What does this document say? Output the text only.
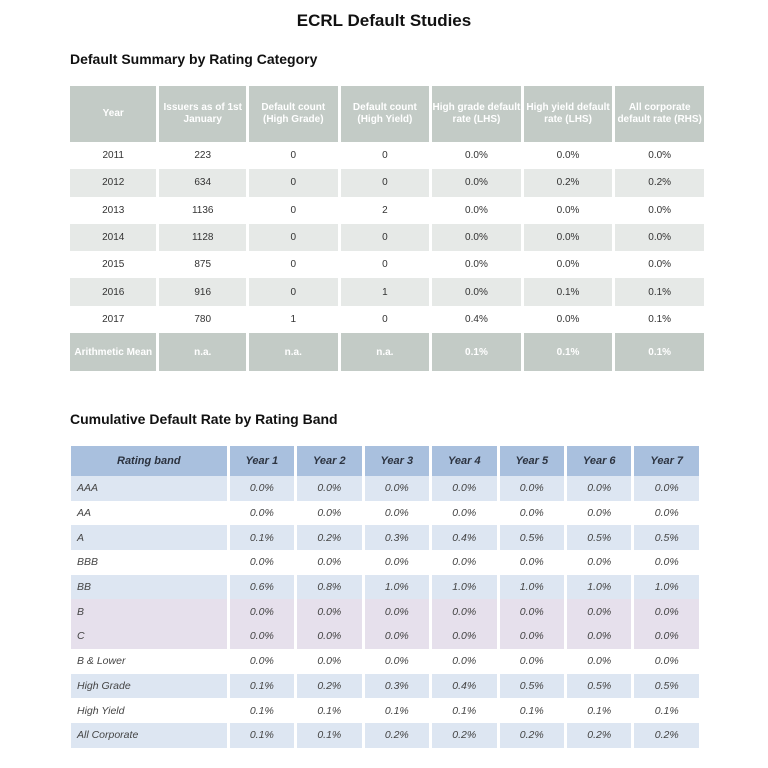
ECRL Default Studies
Default Summary by Rating Category
Year	Issuers as of 1st January	Default count (High Grade)	Default count (High Yield)	High grade default rate (LHS)	High yield default rate (LHS)	All corporate default rate (RHS)
2011	223	0	0	0.0%	0.0%	0.0%
2012	634	0	0	0.0%	0.2%	0.2%
2013	1136	0	2	0.0%	0.0%	0.0%
2014	1128	0	0	0.0%	0.0%	0.0%
2015	875	0	0	0.0%	0.0%	0.0%
2016	916	0	1	0.0%	0.1%	0.1%
2017	780	1	0	0.4%	0.0%	0.1%
Arithmetic Mean	n.a.	n.a.	n.a.	0.1%	0.1%	0.1%
Cumulative Default Rate by Rating Band
Rating band	Year 1	Year 2	Year 3	Year 4	Year 5	Year 6	Year 7
AAA	0.0%	0.0%	0.0%	0.0%	0.0%	0.0%	0.0%
AA	0.0%	0.0%	0.0%	0.0%	0.0%	0.0%	0.0%
A	0.1%	0.2%	0.3%	0.4%	0.5%	0.5%	0.5%
BBB	0.0%	0.0%	0.0%	0.0%	0.0%	0.0%	0.0%
BB	0.6%	0.8%	1.0%	1.0%	1.0%	1.0%	1.0%
B	0.0%	0.0%	0.0%	0.0%	0.0%	0.0%	0.0%
C	0.0%	0.0%	0.0%	0.0%	0.0%	0.0%	0.0%
B & Lower	0.0%	0.0%	0.0%	0.0%	0.0%	0.0%	0.0%
High Grade	0.1%	0.2%	0.3%	0.4%	0.5%	0.5%	0.5%
High Yield	0.1%	0.1%	0.1%	0.1%	0.1%	0.1%	0.1%
All Corporate	0.1%	0.1%	0.2%	0.2%	0.2%	0.2%	0.2%
